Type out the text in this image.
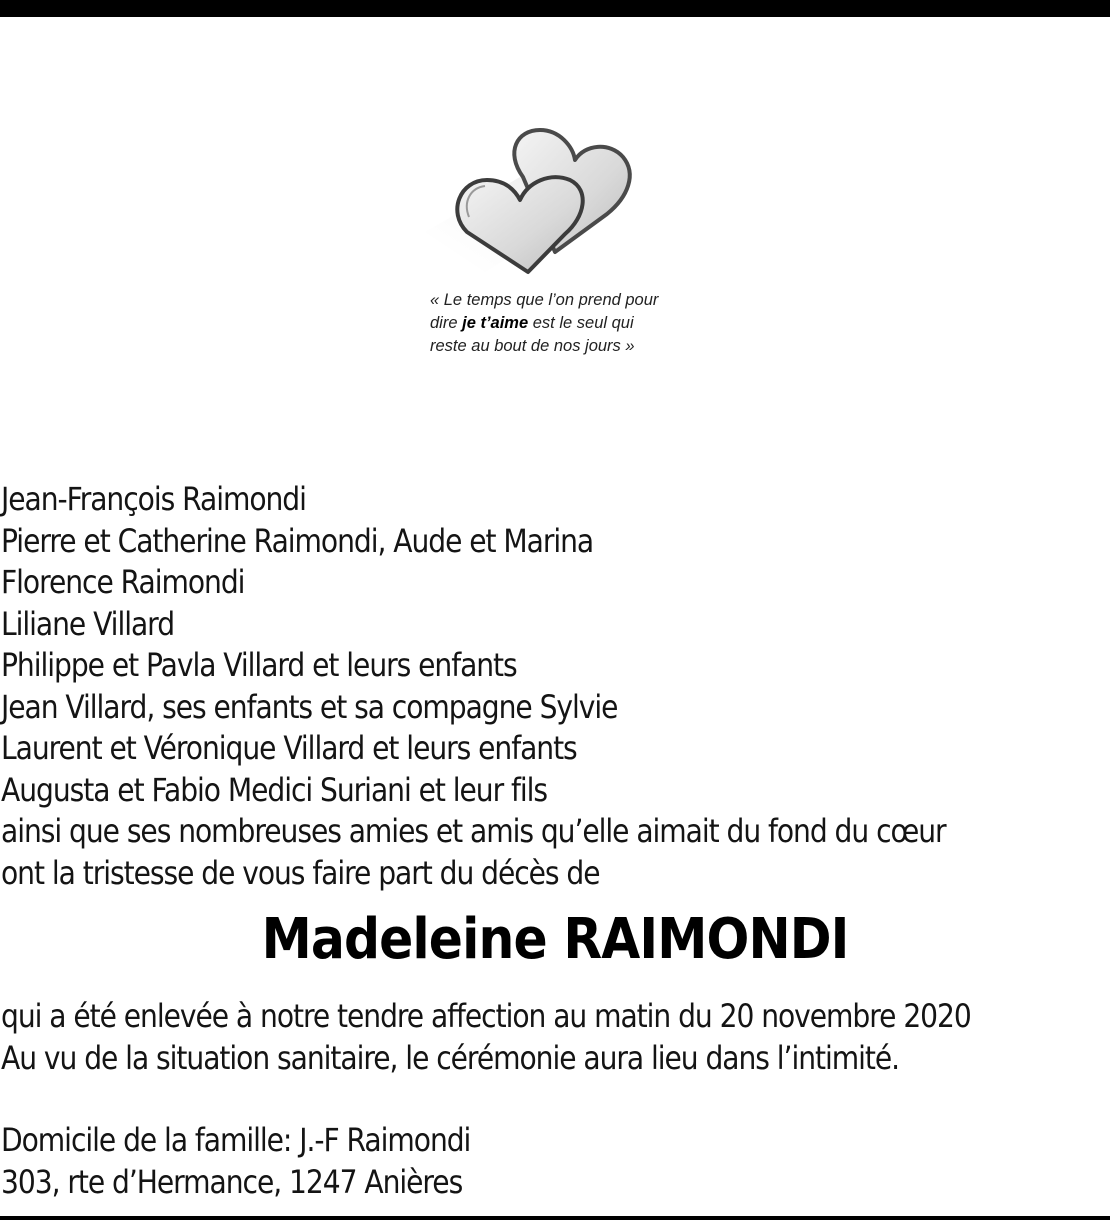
« Le temps que l’on prend pour
dire je t’aime est le seul qui
reste au bout de nos jours »
Jean-François Raimondi
Pierre et Catherine Raimondi, Aude et Marina
Florence Raimondi
Liliane Villard
Philippe et Pavla Villard et leurs enfants
Jean Villard, ses enfants et sa compagne Sylvie
Laurent et Véronique Villard et leurs enfants
Augusta et Fabio Medici Suriani et leur fils
ainsi que ses nombreuses amies et amis qu’elle aimait du fond du cœur
ont la tristesse de vous faire part du décès de
Madeleine RAIMONDI
qui a été enlevée à notre tendre affection au matin du 20 novembre 2020
Au vu de la situation sanitaire, le cérémonie aura lieu dans l’intimité.
Domicile de la famille: J.-F Raimondi
303, rte d’Hermance, 1247 Anières
